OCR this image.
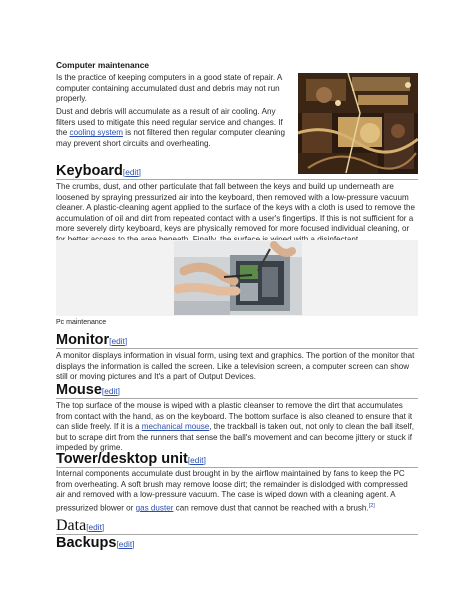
Computer maintenance
Is the practice of keeping computers in a good state of repair. A computer containing accumulated dust and debris may not run properly.
Dust and debris will accumulate as a result of air cooling. Any filters used to mitigate this need regular service and changes. If the cooling system is not filtered then regular computer cleaning may prevent short circuits and overheating.
Keyboard[edit]
The crumbs, dust, and other particulate that fall between the keys and build up underneath are loosened by spraying pressurized air into the keyboard, then removed with a low-pressure vacuum cleaner. A plastic-cleaning agent applied to the surface of the keys with a cloth is used to remove the accumulation of oil and dirt from repeated contact with a user's fingertips. If this is not sufficient for a more severely dirty keyboard, keys are physically removed for more focused individual cleaning, or
Pc maintenance
Monitor[edit]
A monitor displays information in visual form, using text and graphics. The portion of the monitor that displays the information is called the screen. Like a television screen, a computer screen can show still or moving pictures and It's a part of Output Devices.
Mouse[edit]
The top surface of the mouse is wiped with a plastic cleanser to remove the dirt that accumulates from contact with the hand, as on the keyboard. The bottom surface is also cleaned to ensure that it can slide freely. If it is a mechanical mouse, the trackball is taken out, not only to clean the ball itself, but to scrape dirt from the runners that sense the ball's movement and can become jittery or stuck if impeded by grime.
Tower/desktop unit[edit]
Internal components accumulate dust brought in by the airflow maintained by fans to keep the PC from overheating. A soft brush may remove loose dirt; the remainder is dislodged with compressed air and removed with a low-pressure vacuum. The case is wiped down with a cleaning agent. A pressurized blower or gas duster can remove dust that cannot be reached with a brush.[2]
Data[edit]
Backups[edit]
